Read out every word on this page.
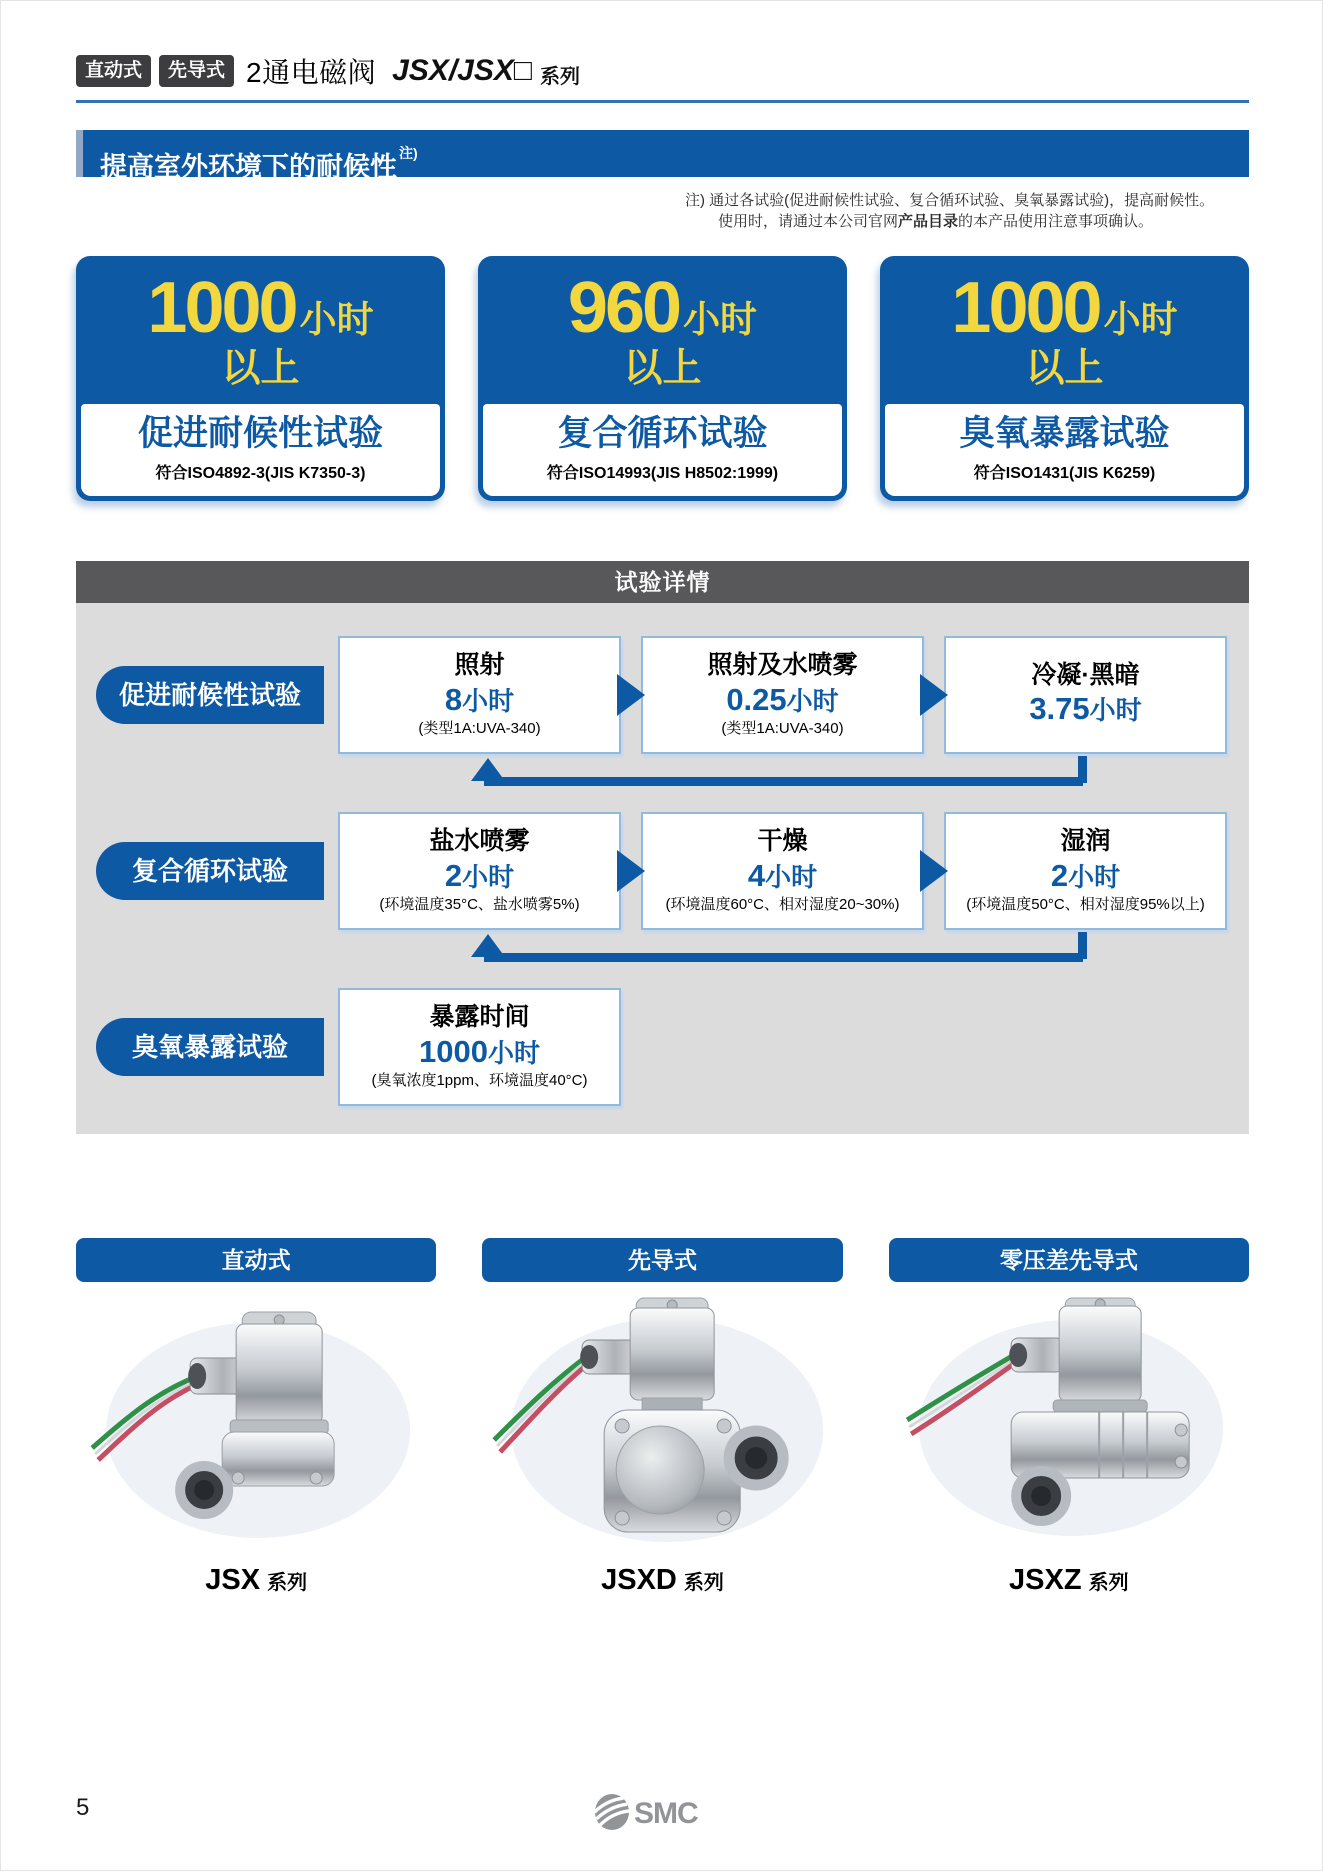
直动式	先导式 2通电磁阀 JSX/JSX□ 系列
提高室外环境下的耐候性 $^{注)}$
注) 通过各试验(促进耐候性试验、复合循环试验、臭氧暴露试验)，提高耐候性。
使用时，请通过本公司官网产品目录的本产品使用注意事项确认。
1000 小时
以上
促进耐候性试验
符合ISO4892-3(JIS K7350-3)
960 小时
以上
复合循环试验
符合ISO14993(JIS H8502:1999)
1000 小时
以上
臭氧暴露试验
符合ISO1431(JIS K6259)
试验详情
促进耐候性试验
照射
8小时
(类型1A:UVA-340)
照射及水喷雾
0.25小时
(类型1A:UVA-340)
冷凝·黑暗
3.75小时
复合循环试验
盐水喷雾
2小时
(环境温度35°C、盐水喷雾5%)
干燥
4小时
(环境温度60°C、相对湿度20~30%)
湿润
2小时
(环境温度50°C、相对湿度95%以上)
臭氧暴露试验
暴露时间
1000小时
(臭氧浓度1ppm、环境温度40°C)
直动式
JSX 系列
先导式
JSXD 系列
零压差先导式
JSXZ 系列
5	SMC
